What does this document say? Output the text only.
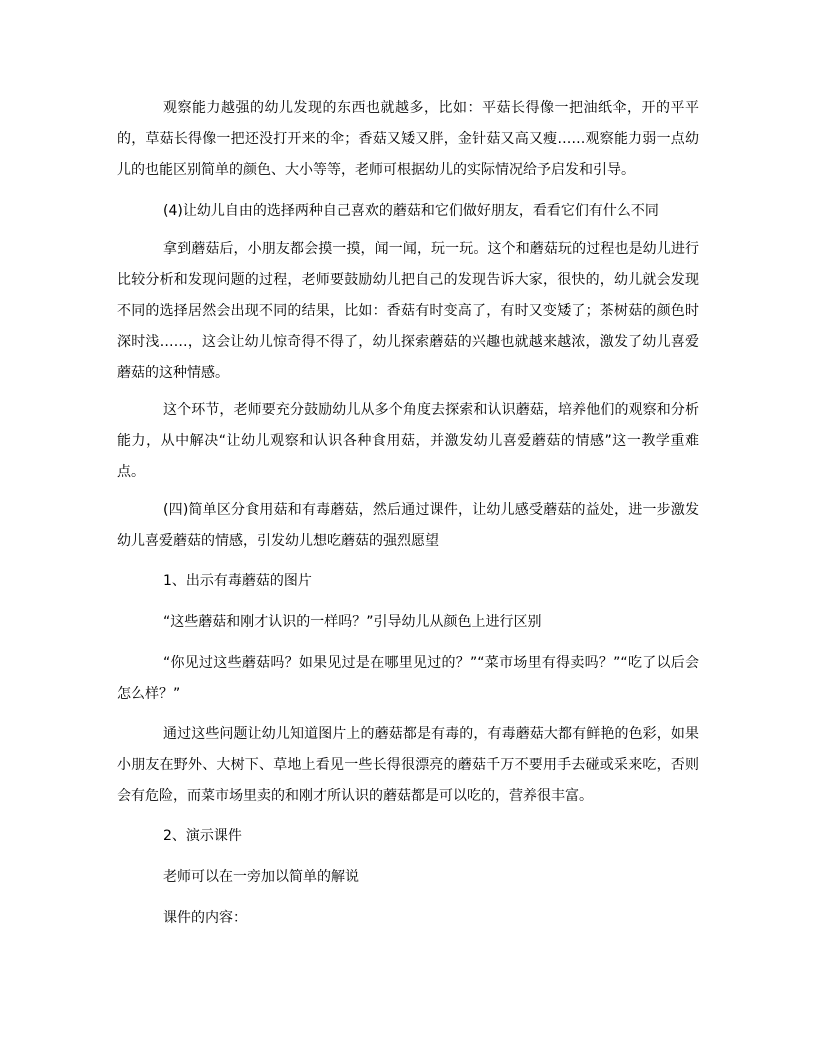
观察能力越强的幼儿发现的东西也就越多，比如：平菇长得像一把油纸伞，开的平平的，草菇长得像一把还没打开来的伞；香菇又矮又胖，金针菇又高又瘦……观察能力弱一点幼儿的也能区别简单的颜色、大小等等，老师可根据幼儿的实际情况给予启发和引导。

(4)让幼儿自由的选择两种自己喜欢的蘑菇和它们做好朋友，看看它们有什么不同

拿到蘑菇后，小朋友都会摸一摸，闻一闻，玩一玩。这个和蘑菇玩的过程也是幼儿进行比较分析和发现问题的过程，老师要鼓励幼儿把自己的发现告诉大家，很快的，幼儿就会发现不同的选择居然会出现不同的结果，比如：香菇有时变高了，有时又变矮了；茶树菇的颜色时深时浅……，这会让幼儿惊奇得不得了，幼儿探索蘑菇的兴趣也就越来越浓，激发了幼儿喜爱蘑菇的这种情感。

这个环节，老师要充分鼓励幼儿从多个角度去探索和认识蘑菇，培养他们的观察和分析能力，从中解决“让幼儿观察和认识各种食用菇，并激发幼儿喜爱蘑菇的情感”这一教学重难点。

(四)简单区分食用菇和有毒蘑菇，然后通过课件，让幼儿感受蘑菇的益处，进一步激发幼儿喜爱蘑菇的情感，引发幼儿想吃蘑菇的强烈愿望

1、出示有毒蘑菇的图片

“这些蘑菇和刚才认识的一样吗？”引导幼儿从颜色上进行区别

“你见过这些蘑菇吗？如果见过是在哪里见过的？”“菜市场里有得卖吗？”“吃了以后会怎么样？”

通过这些问题让幼儿知道图片上的蘑菇都是有毒的，有毒蘑菇大都有鲜艳的色彩，如果小朋友在野外、大树下、草地上看见一些长得很漂亮的蘑菇千万不要用手去碰或采来吃，否则会有危险，而菜市场里卖的和刚才所认识的蘑菇都是可以吃的，营养很丰富。

2、演示课件

老师可以在一旁加以简单的解说

课件的内容：
